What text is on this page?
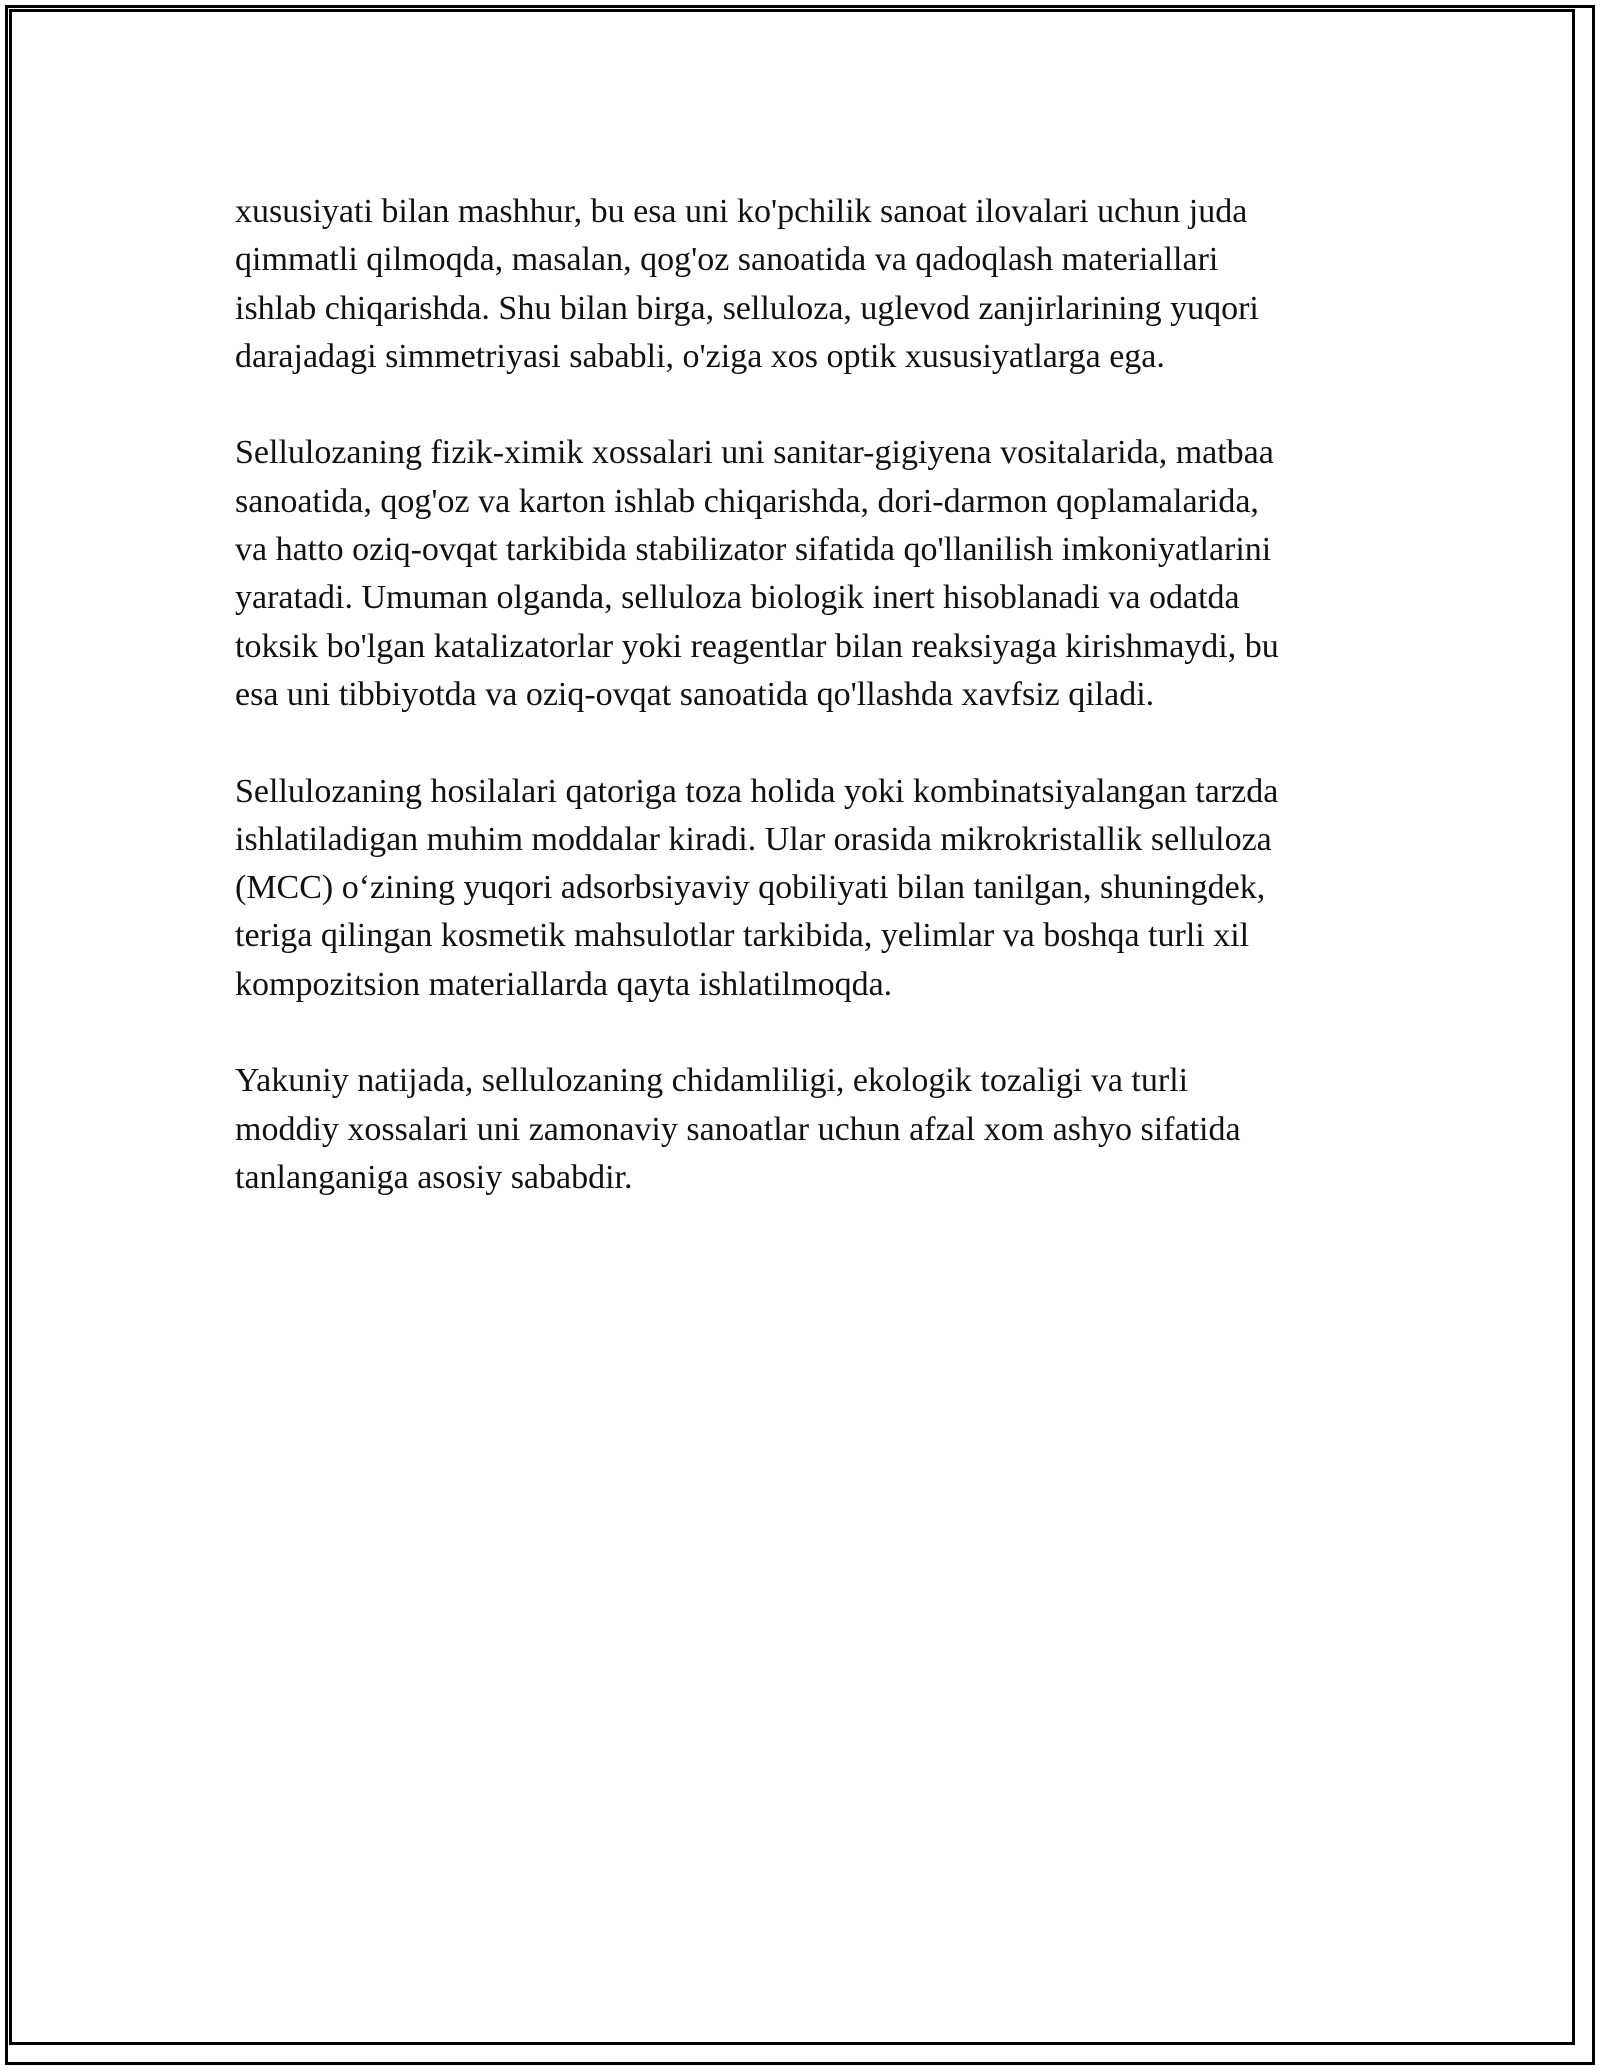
xususiyati bilan mashhur, bu esa uni ko'pchilik sanoat ilovalari uchun juda
qimmatli qilmoqda, masalan, qog'oz sanoatida va qadoqlash materiallari
ishlab chiqarishda. Shu bilan birga, selluloza, uglevod zanjirlarining yuqori
darajadagi simmetriyasi sababli, o'ziga xos optik xususiyatlarga ega.

Sellulozaning fizik-ximik xossalari uni sanitar-gigiyena vositalarida, matbaa
sanoatida, qog'oz va karton ishlab chiqarishda, dori-darmon qoplamalarida,
va hatto oziq-ovqat tarkibida stabilizator sifatida qo'llanilish imkoniyatlarini
yaratadi. Umuman olganda, selluloza biologik inert hisoblanadi va odatda
toksik bo'lgan katalizatorlar yoki reagentlar bilan reaksiyaga kirishmaydi, bu
esa uni tibbiyotda va oziq-ovqat sanoatida qo'llashda xavfsiz qiladi.

Sellulozaning hosilalari qatoriga toza holida yoki kombinatsiyalangan tarzda
ishlatiladigan muhim moddalar kiradi. Ular orasida mikrokristallik selluloza
(MCC) o‘zining yuqori adsorbsiyaviy qobiliyati bilan tanilgan, shuningdek,
teriga qilingan kosmetik mahsulotlar tarkibida, yelimlar va boshqa turli xil
kompozitsion materiallarda qayta ishlatilmoqda.

Yakuniy natijada, sellulozaning chidamliligi, ekologik tozaligi va turli
moddiy xossalari uni zamonaviy sanoatlar uchun afzal xom ashyo sifatida
tanlanganiga asosiy sababdir.
